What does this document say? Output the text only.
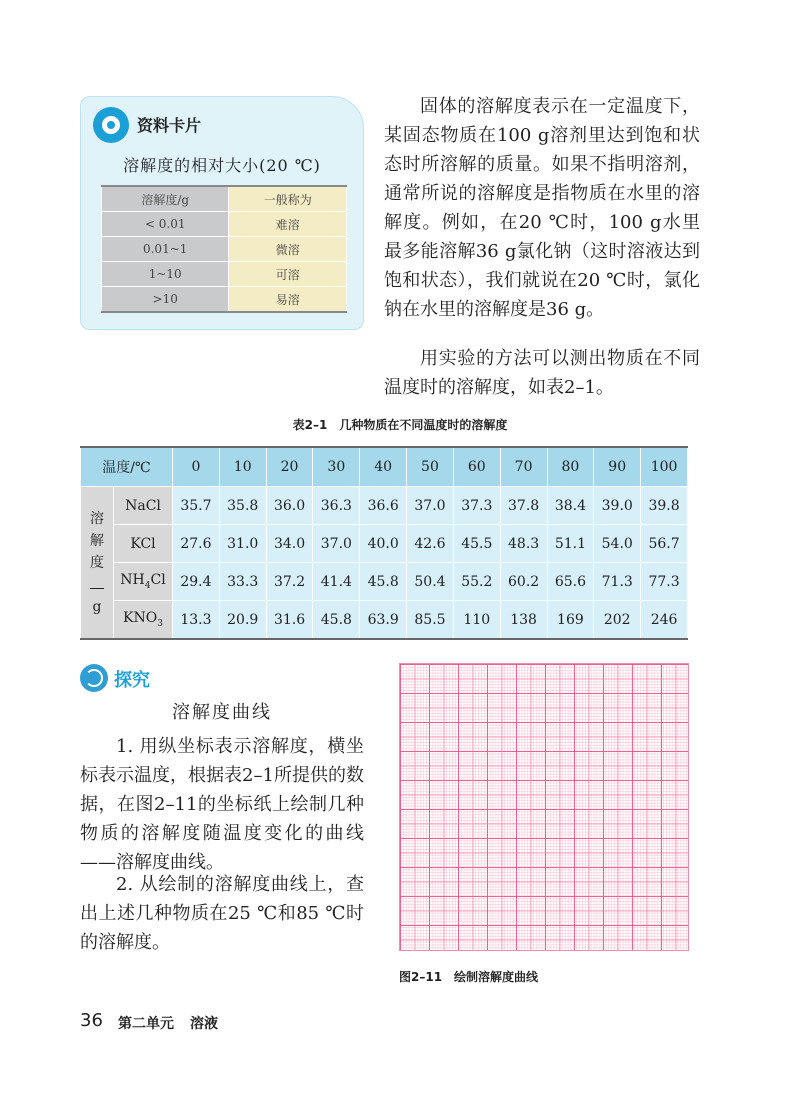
资料卡片
溶解度的相对大小(20 ℃)
溶解度/g	一般称为
< 0.01	难溶
0.01~1	微溶
1~10	可溶
>10	易溶
固体的溶解度表示在一定温度下，某固态物质在100 g溶剂里达到饱和状态时所溶解的质量。如果不指明溶剂，通常所说的溶解度是指物质在水里的溶解度。例如，在20 ℃时，100 g水里最多能溶解36 g氯化钠（这时溶液达到饱和状态），我们就说在20 ℃时，氯化钠在水里的溶解度是36 g。
用实验的方法可以测出物质在不同温度时的溶解度，如表2–1。
表2–1　几种物质在不同温度时的溶解度
温度/℃		0	10	20	30	40	50	60	70	80	90	100
溶
解
度

g	NaCl	35.7	35.8	36.0	36.3	36.6	37.0	37.3	37.8	38.4	39.0	39.8
	KCl	27.6	31.0	34.0	37.0	40.0	42.6	45.5	48.3	51.1	54.0	56.7
	$NH_4Cl$	29.4	33.3	37.2	41.4	45.8	50.4	55.2	60.2	65.6	71.3	77.3
	$KNO_3$	13.3	20.9	31.6	45.8	63.9	85.5	110	138	169	202	246
探究
溶解度曲线
1. 用纵坐标表示溶解度，横坐标表示温度，根据表2–1所提供的数据，在图2–11的坐标纸上绘制几种物质的溶解度随温度变化的曲线——溶解度曲线。
2. 从绘制的溶解度曲线上，查出上述几种物质在25 ℃和85 ℃时的溶解度。
图2–11　绘制溶解度曲线
36 第二单元 溶液
